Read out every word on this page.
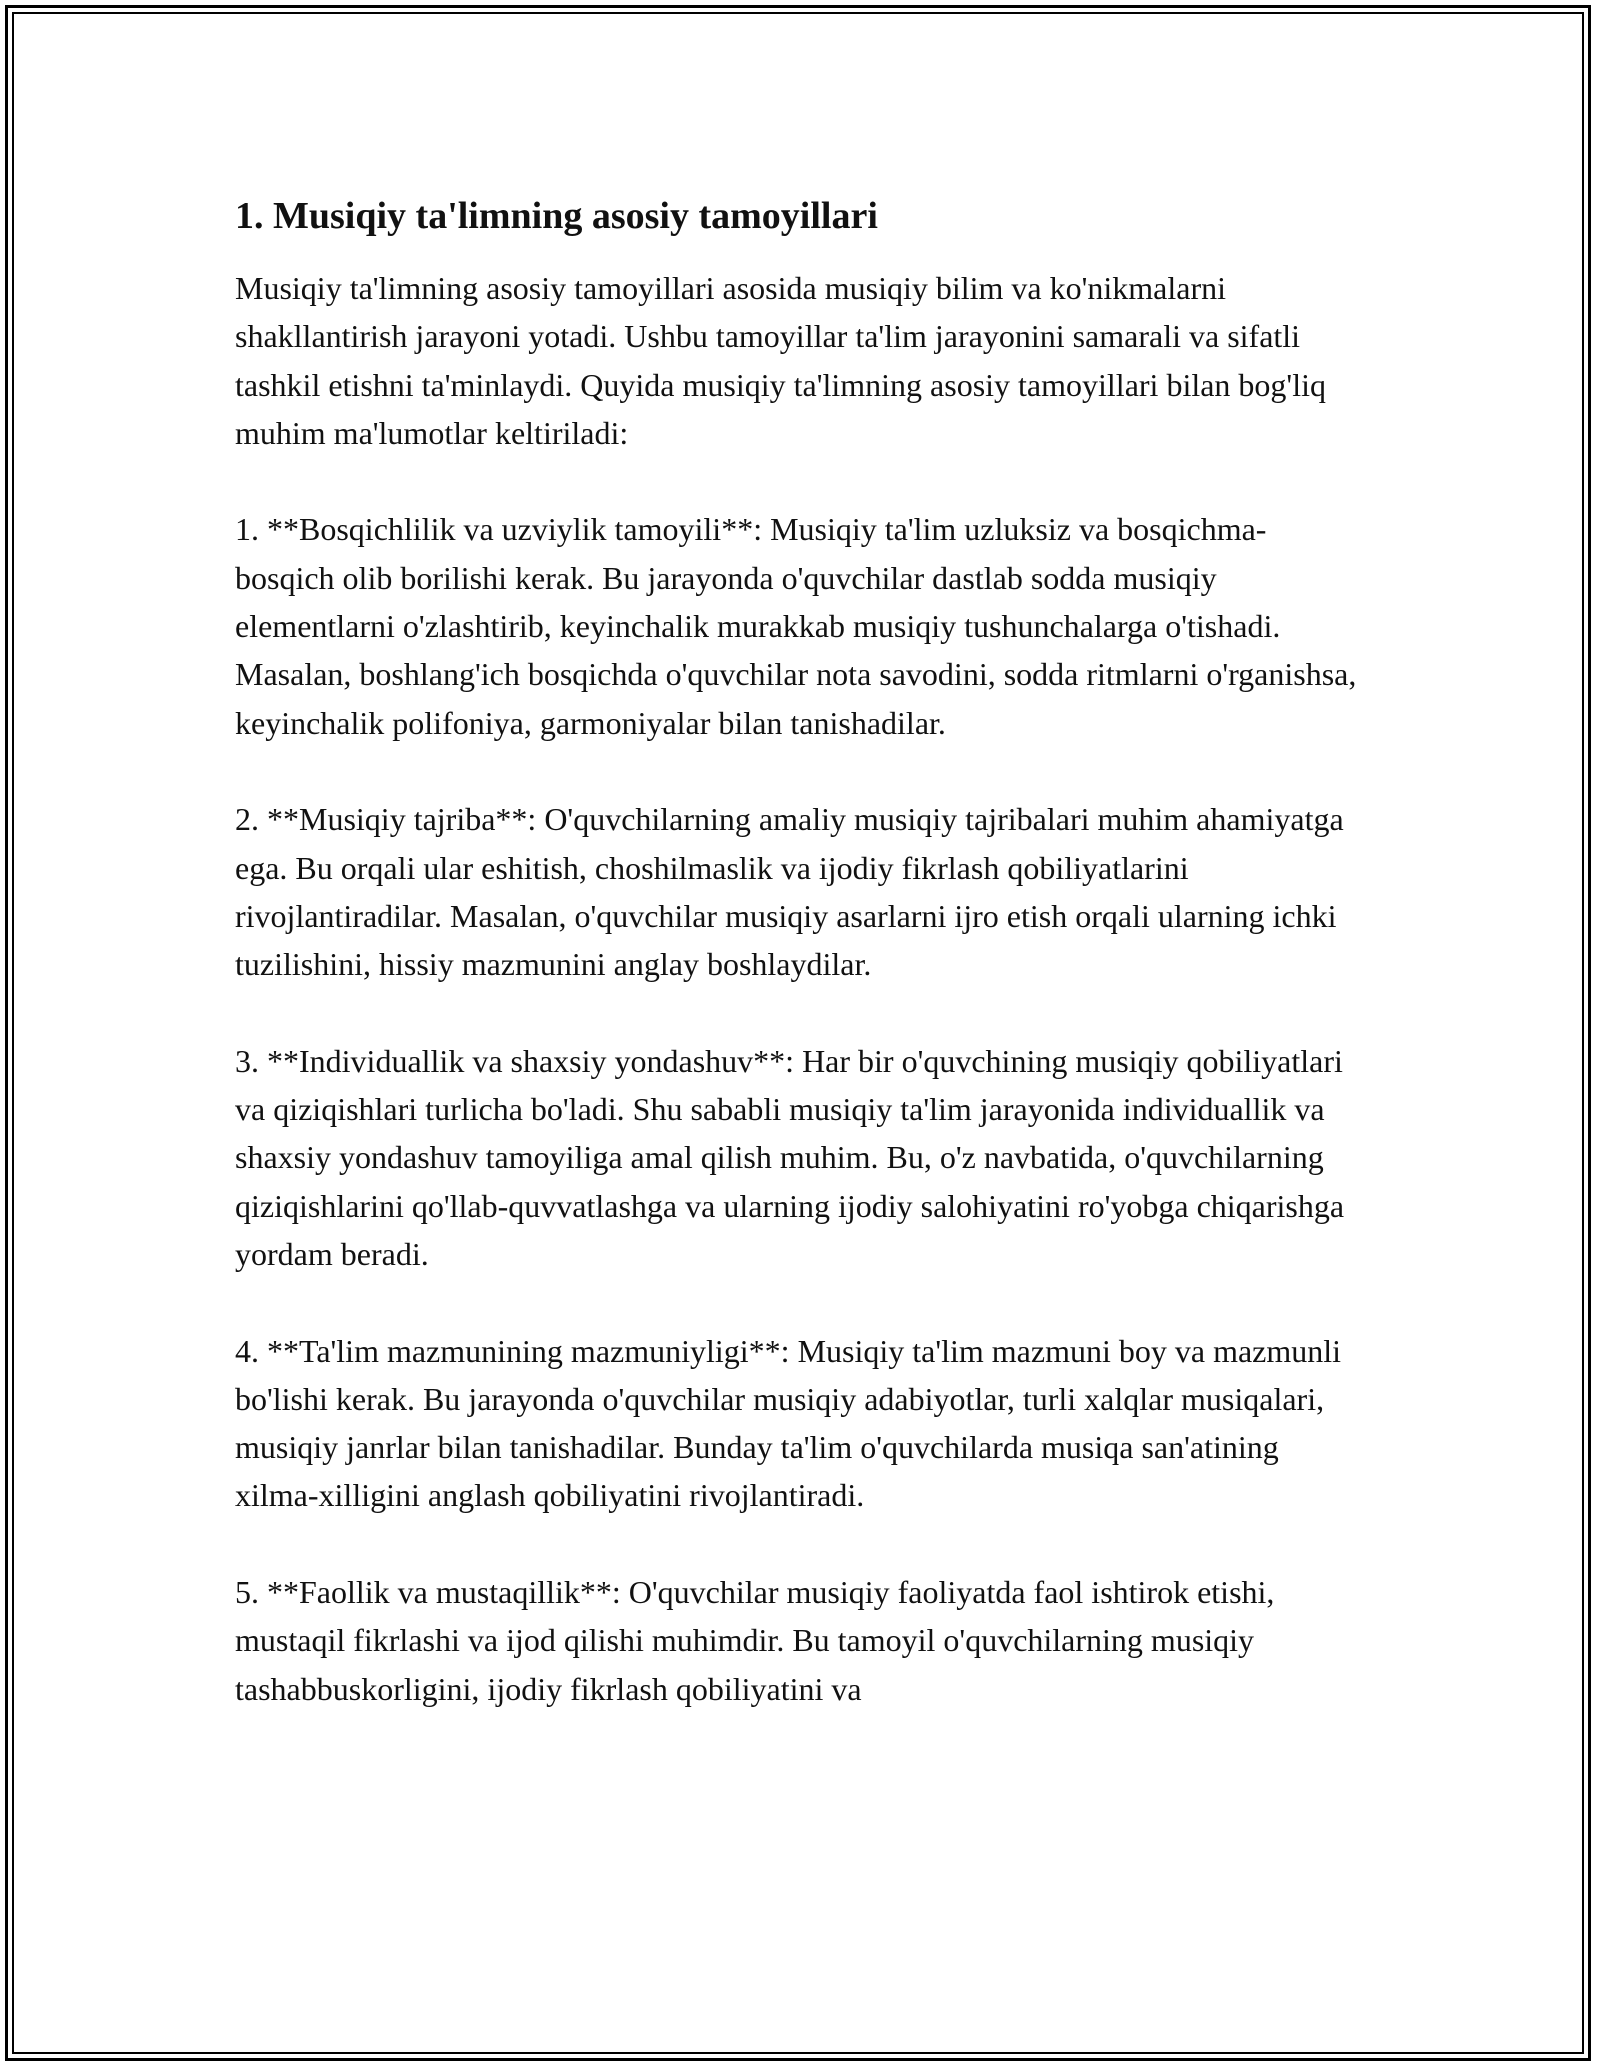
1. Musiqiy ta'limning asosiy tamoyillari

Musiqiy ta'limning asosiy tamoyillari asosida musiqiy bilim va ko'nikmalarni shakllantirish jarayoni yotadi. Ushbu tamoyillar ta'lim jarayonini samarali va sifatli tashkil etishni ta'minlaydi. Quyida musiqiy ta'limning asosiy tamoyillari bilan bog'liq muhim ma'lumotlar keltiriladi:

1. **Bosqichlilik va uzviylik tamoyili**: Musiqiy ta'lim uzluksiz va bosqichma-bosqich olib borilishi kerak. Bu jarayonda o'quvchilar dastlab sodda musiqiy elementlarni o'zlashtirib, keyinchalik murakkab musiqiy tushunchalarga o'tishadi. Masalan, boshlang'ich bosqichda o'quvchilar nota savodini, sodda ritmlarni o'rganishsa, keyinchalik polifoniya, garmoniyalar bilan tanishadilar.

2. **Musiqiy tajriba**: O'quvchilarning amaliy musiqiy tajribalari muhim ahamiyatga ega. Bu orqali ular eshitish, choshilmaslik va ijodiy fikrlash qobiliyatlarini rivojlantiradilar. Masalan, o'quvchilar musiqiy asarlarni ijro etish orqali ularning ichki tuzilishini, hissiy mazmunini anglay boshlaydilar.

3. **Individuallik va shaxsiy yondashuv**: Har bir o'quvchining musiqiy qobiliyatlari va qiziqishlari turlicha bo'ladi. Shu sababli musiqiy ta'lim jarayonida individuallik va shaxsiy yondashuv tamoyiliga amal qilish muhim. Bu, o'z navbatida, o'quvchilarning qiziqishlarini qo'llab-quvvatlashga va ularning ijodiy salohiyatini ro'yobga chiqarishga yordam beradi.

4. **Ta'lim mazmunining mazmuniyligi**: Musiqiy ta'lim mazmuni boy va mazmunli bo'lishi kerak. Bu jarayonda o'quvchilar musiqiy adabiyotlar, turli xalqlar musiqalari, musiqiy janrlar bilan tanishadilar. Bunday ta'lim o'quvchilarda musiqa san'atining xilma-xilligini anglash qobiliyatini rivojlantiradi.

5. **Faollik va mustaqillik**: O'quvchilar musiqiy faoliyatda faol ishtirok etishi, mustaqil fikrlashi va ijod qilishi muhimdir. Bu tamoyil o'quvchilarning musiqiy tashabbuskorligini, ijodiy fikrlash qobiliyatini va
